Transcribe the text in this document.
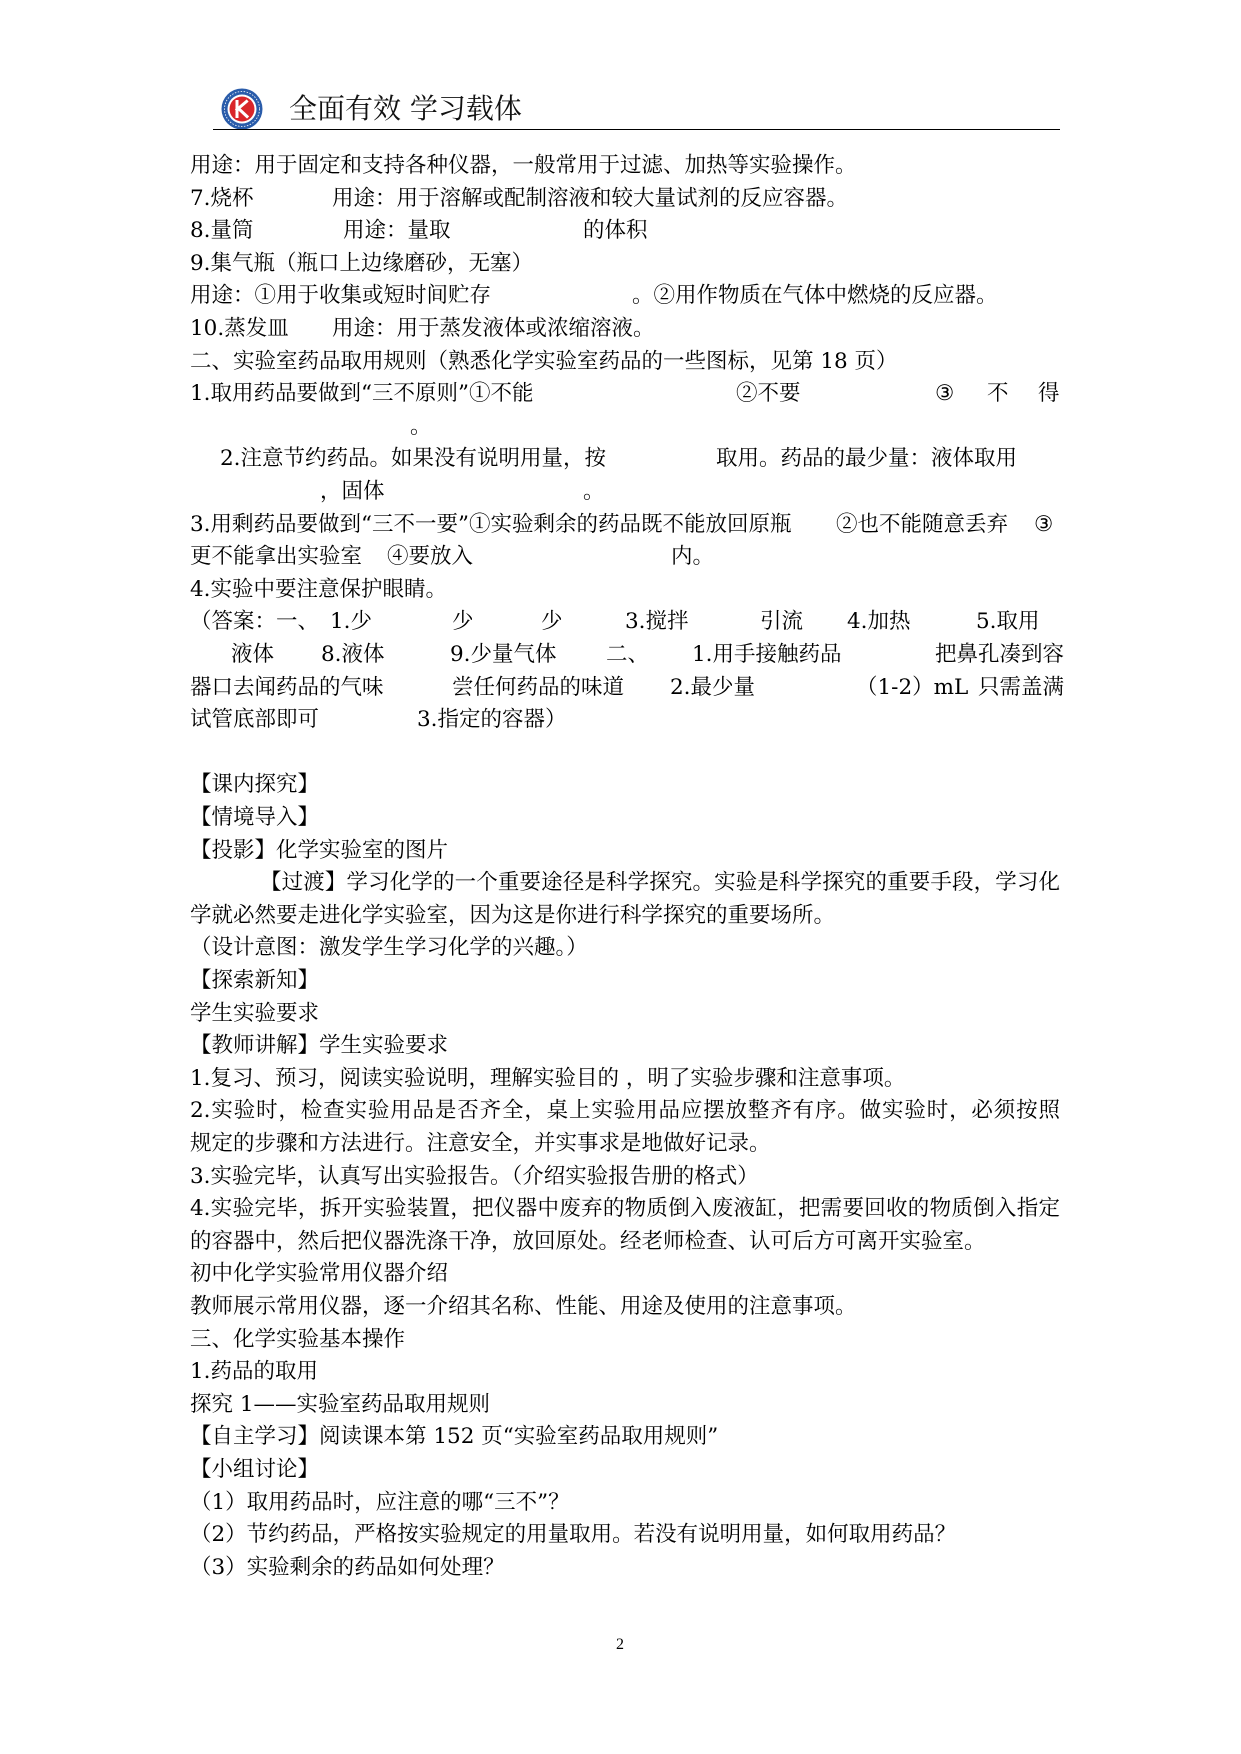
全面有效 学习载体
用途：用于固定和支持各种仪器，一般常用于过滤、加热等实验操作。
7.烧杯	用途：用于溶解或配制溶液和较大量试剂的反应容器。
8.量筒	用途：量取	的体积
9.集气瓶（瓶口上边缘磨砂，无塞）
用途：①用于收集或短时间贮存	。②用作物质在气体中燃烧的反应器。
10.蒸发皿 用途：用于蒸发液体或浓缩溶液。
二、实验室药品取用规则（熟悉化学实验室药品的一些图标，见第 18 页）
1.取用药品要做到“三不原则”①不能	②不要	③ 不 得
。
2.注意节约药品。如果没有说明用量，按	取用。药品的最少量：液体取用
，固体	。
3.用剩药品要做到“三不一要”①实验剩余的药品既不能放回原瓶 ②也不能随意丢弃 ③
更不能拿出实验室 ④要放入	内。
4.实验中要注意保护眼睛。
（答案：一、 1.少	少	少	3.搅拌	引流 4.加热	5.取用
液体 8.液体	9.少量气体 二、 1.用手接触药品	把鼻孔凑到容
器口去闻药品的气味	尝任何药品的味道 2.最少量	（1-2）mL 只需盖满
试管底部即可	3.指定的容器）
【课内探究】
【情境导入】
【投影】化学实验室的图片
【过渡】学习化学的一个重要途径是科学探究。实验是科学探究的重要手段，学习化
学就必然要走进化学实验室，因为这是你进行科学探究的重要场所。
（设计意图：激发学生学习化学的兴趣。）
【探索新知】
学生实验要求
【教师讲解】学生实验要求
1.复习、预习，阅读实验说明，理解实验目的 ，明了实验步骤和注意事项。
2.实验时，检查实验用品是否齐全，桌上实验用品应摆放整齐有序。做实验时，必须按照
规定的步骤和方法进行。注意安全，并实事求是地做好记录。
3.实验完毕，认真写出实验报告。（介绍实验报告册的格式）
4.实验完毕，拆开实验装置，把仪器中废弃的物质倒入废液缸，把需要回收的物质倒入指定
的容器中，然后把仪器洗涤干净，放回原处。经老师检查、认可后方可离开实验室。
初中化学实验常用仪器介绍
教师展示常用仪器，逐一介绍其名称、性能、用途及使用的注意事项。
三、化学实验基本操作
1.药品的取用
探究 1——实验室药品取用规则
【自主学习】阅读课本第 152 页“实验室药品取用规则”
【小组讨论】
（1）取用药品时，应注意的哪“三不”？
（2）节约药品，严格按实验规定的用量取用。若没有说明用量，如何取用药品？
（3）实验剩余的药品如何处理？
2
